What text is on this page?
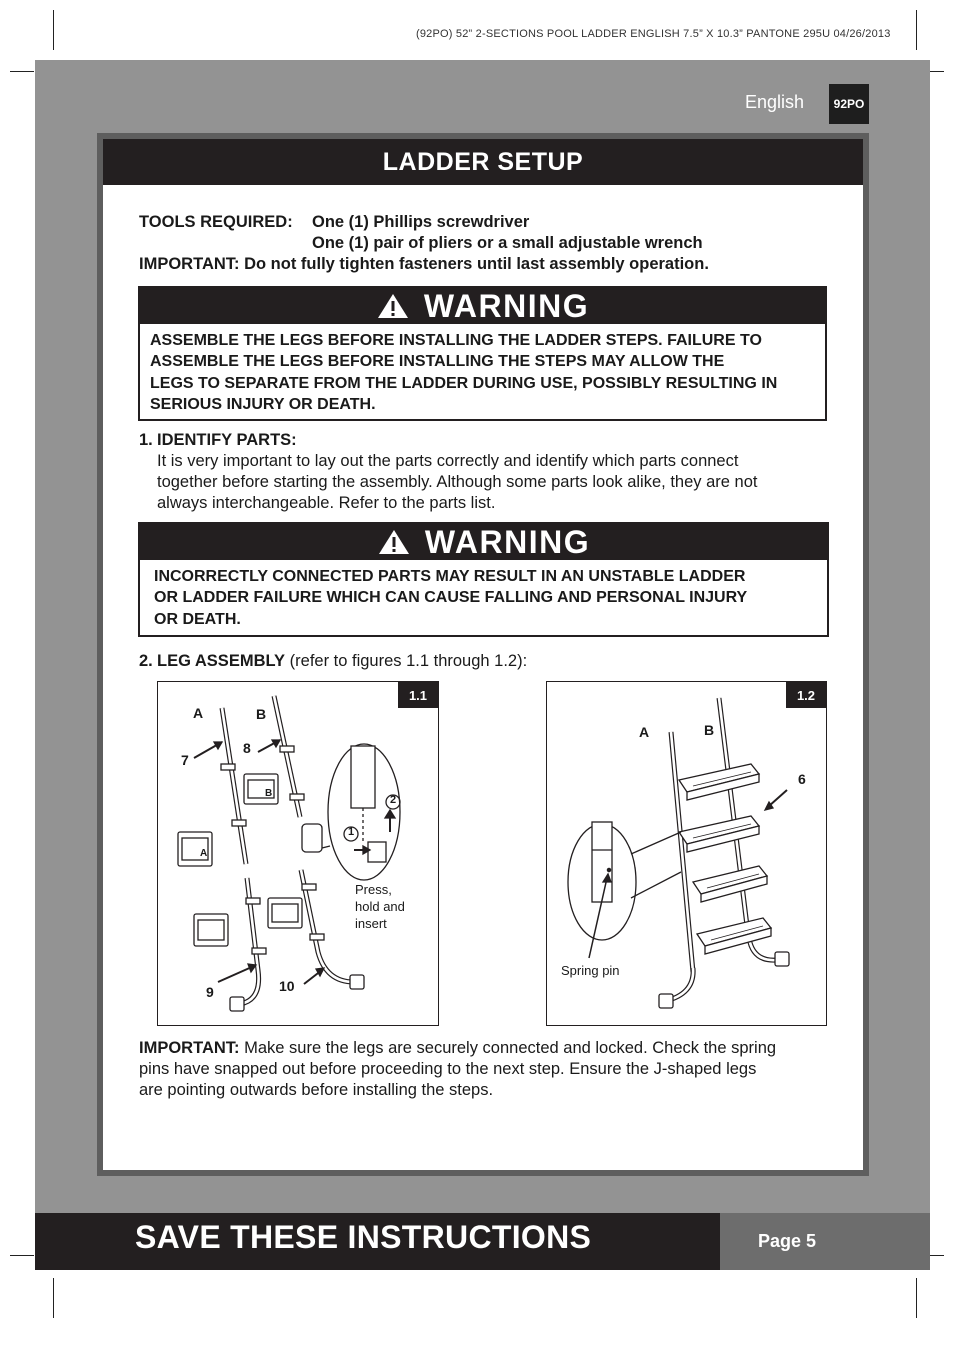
(92PO) 52” 2-SECTIONS POOL LADDER ENGLISH 7.5” X 10.3” PANTONE 295U 04/26/2013
English	92PO
LADDER SETUP
TOOLS REQUIRED: One (1) Phillips screwdriver
One (1) pair of pliers or a small adjustable wrench
IMPORTANT: Do not fully tighten fasteners until last assembly operation.
WARNING
ASSEMBLE THE LEGS BEFORE INSTALLING THE LADDER STEPS. FAILURE TO
ASSEMBLE THE LEGS BEFORE INSTALLING THE STEPS MAY ALLOW THE
LEGS TO SEPARATE FROM THE LADDER DURING USE, POSSIBLY RESULTING IN
SERIOUS INJURY OR DEATH.
1. IDENTIFY PARTS:
It is very important to lay out the parts correctly and identify which parts connect
together before starting the assembly. Although some parts look alike, they are not
always interchangeable. Refer to the parts list.
WARNING
INCORRECTLY CONNECTED PARTS MAY RESULT IN AN UNSTABLE LADDER
OR LADDER FAILURE WHICH CAN CAUSE FALLING AND PERSONAL INJURY
OR DEATH.
2. LEG ASSEMBLY (refer to figures 1.1 through 1.2):
1.1
A	B
7
8
9	10
1
2
A
B
Press,
hold and
insert
1.2
A	B
6
Spring pin
IMPORTANT: Make sure the legs are securely connected and locked. Check the spring
pins have snapped out before proceeding to the next step. Ensure the J-shaped legs
are pointing outwards before installing the steps.
SAVE THESE INSTRUCTIONS	Page 5
